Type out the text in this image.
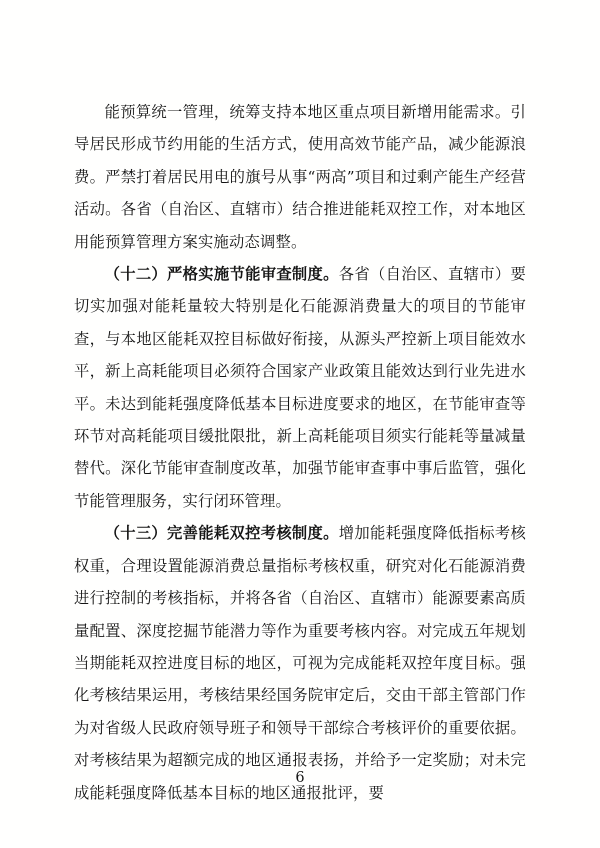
能预算统一管理，统筹支持本地区重点项目新增用能需求。引导居民形成节约用能的生活方式，使用高效节能产品，减少能源浪费。严禁打着居民用电的旗号从事“两高”项目和过剩产能生产经营活动。各省（自治区、直辖市）结合推进能耗双控工作，对本地区用能预算管理方案实施动态调整。

（十二）严格实施节能审查制度。各省（自治区、直辖市）要切实加强对能耗量较大特别是化石能源消费量大的项目的节能审查，与本地区能耗双控目标做好衔接，从源头严控新上项目能效水平，新上高耗能项目必须符合国家产业政策且能效达到行业先进水平。未达到能耗强度降低基本目标进度要求的地区，在节能审查等环节对高耗能项目缓批限批，新上高耗能项目须实行能耗等量减量替代。深化节能审查制度改革，加强节能审查事中事后监管，强化节能管理服务，实行闭环管理。

（十三）完善能耗双控考核制度。增加能耗强度降低指标考核权重，合理设置能源消费总量指标考核权重，研究对化石能源消费进行控制的考核指标，并将各省（自治区、直辖市）能源要素高质量配置、深度挖掘节能潜力等作为重要考核内容。对完成五年规划当期能耗双控进度目标的地区，可视为完成能耗双控年度目标。强化考核结果运用，考核结果经国务院审定后，交由干部主管部门作为对省级人民政府领导班子和领导干部综合考核评价的重要依据。对考核结果为超额完成的地区通报表扬，并给予一定奖励；对未完成能耗强度降低基本目标的地区通报批评，要

6
